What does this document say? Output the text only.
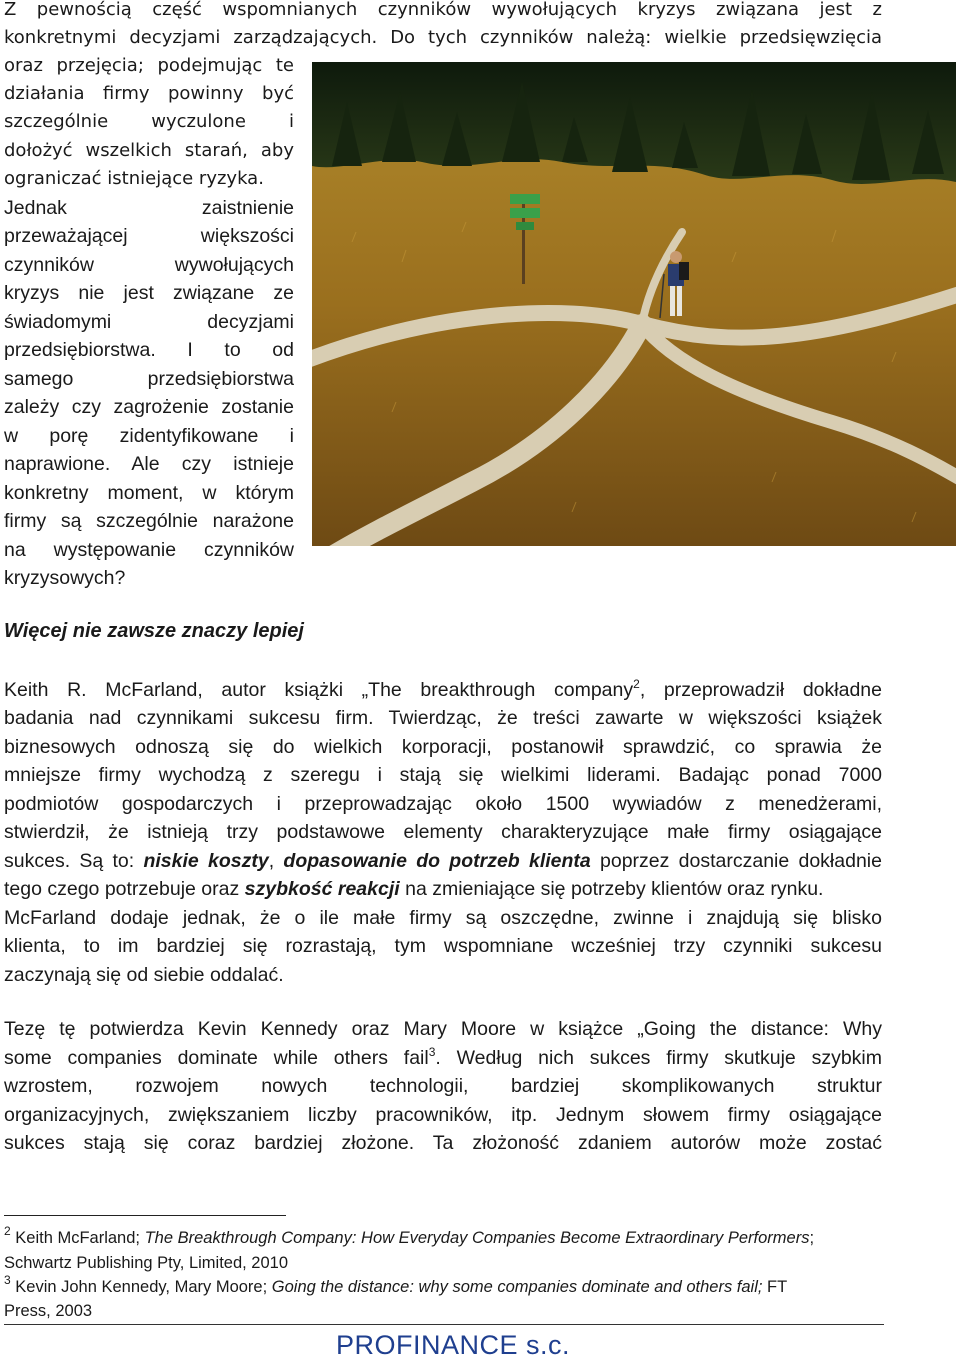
Z pewnością część wspomnianych czynników wywołujących kryzys związana jest z
konkretnymi decyzjami zarządzających. Do tych czynników należą: wielkie przedsięwzięcia
oraz przejęcia; podejmując te
działania firmy powinny być
szczególnie wyczulone i
dołożyć wszelkich starań, aby
ograniczać istniejące ryzyka.
Jednak zaistnienie
przeważającej większości
czynników wywołujących
kryzys nie jest związane ze
świadomymi decyzjami
przedsiębiorstwa. I to od
samego przedsiębiorstwa
zależy czy zagrożenie zostanie
w porę zidentyfikowane i
naprawione. Ale czy istnieje
konkretny moment, w którym
firmy są szczególnie narażone
na występowanie czynników
kryzysowych?
Więcej nie zawsze znaczy lepiej
Keith R. McFarland, autor książki „The breakthrough company$^2$, przeprowadził dokładne
badania nad czynnikami sukcesu firm. Twierdząc, że treści zawarte w większości książek
biznesowych odnoszą się do wielkich korporacji, postanowił sprawdzić, co sprawia że
mniejsze firmy wychodzą z szeregu i stają się wielkimi liderami. Badając ponad 7000
podmiotów gospodarczych i przeprowadzając około 1500 wywiadów z menedżerami,
stwierdził, że istnieją trzy podstawowe elementy charakteryzujące małe firmy osiągające
sukces. Są to: niskie koszty, dopasowanie do potrzeb klienta poprzez dostarczanie dokładnie
tego czego potrzebuje oraz szybkość reakcji na zmieniające się potrzeby klientów oraz rynku.
McFarland dodaje jednak, że o ile małe firmy są oszczędne, zwinne i znajdują się blisko
klienta, to im bardziej się rozrastają, tym wspomniane wcześniej trzy czynniki sukcesu
zaczynają się od siebie oddalać.
Tezę tę potwierdza Kevin Kennedy oraz Mary Moore w książce „Going the distance: Why
some companies dominate while others fail$^3$. Według nich sukces firmy skutkuje szybkim
wzrostem, rozwojem nowych technologii, bardziej skomplikowanych struktur
organizacyjnych, zwiększaniem liczby pracowników, itp. Jednym słowem firmy osiągające
sukces stają się coraz bardziej złożone. Ta złożoność zdaniem autorów może zostać
$^2$ Keith McFarland; The Breakthrough Company: How Everyday Companies Become Extraordinary Performers;
Schwartz Publishing Pty, Limited, 2010
$^3$ Kevin John Kennedy, Mary Moore; Going the distance: why some companies dominate and others fail; FT
Press, 2003
PROFINANCE s.c.
